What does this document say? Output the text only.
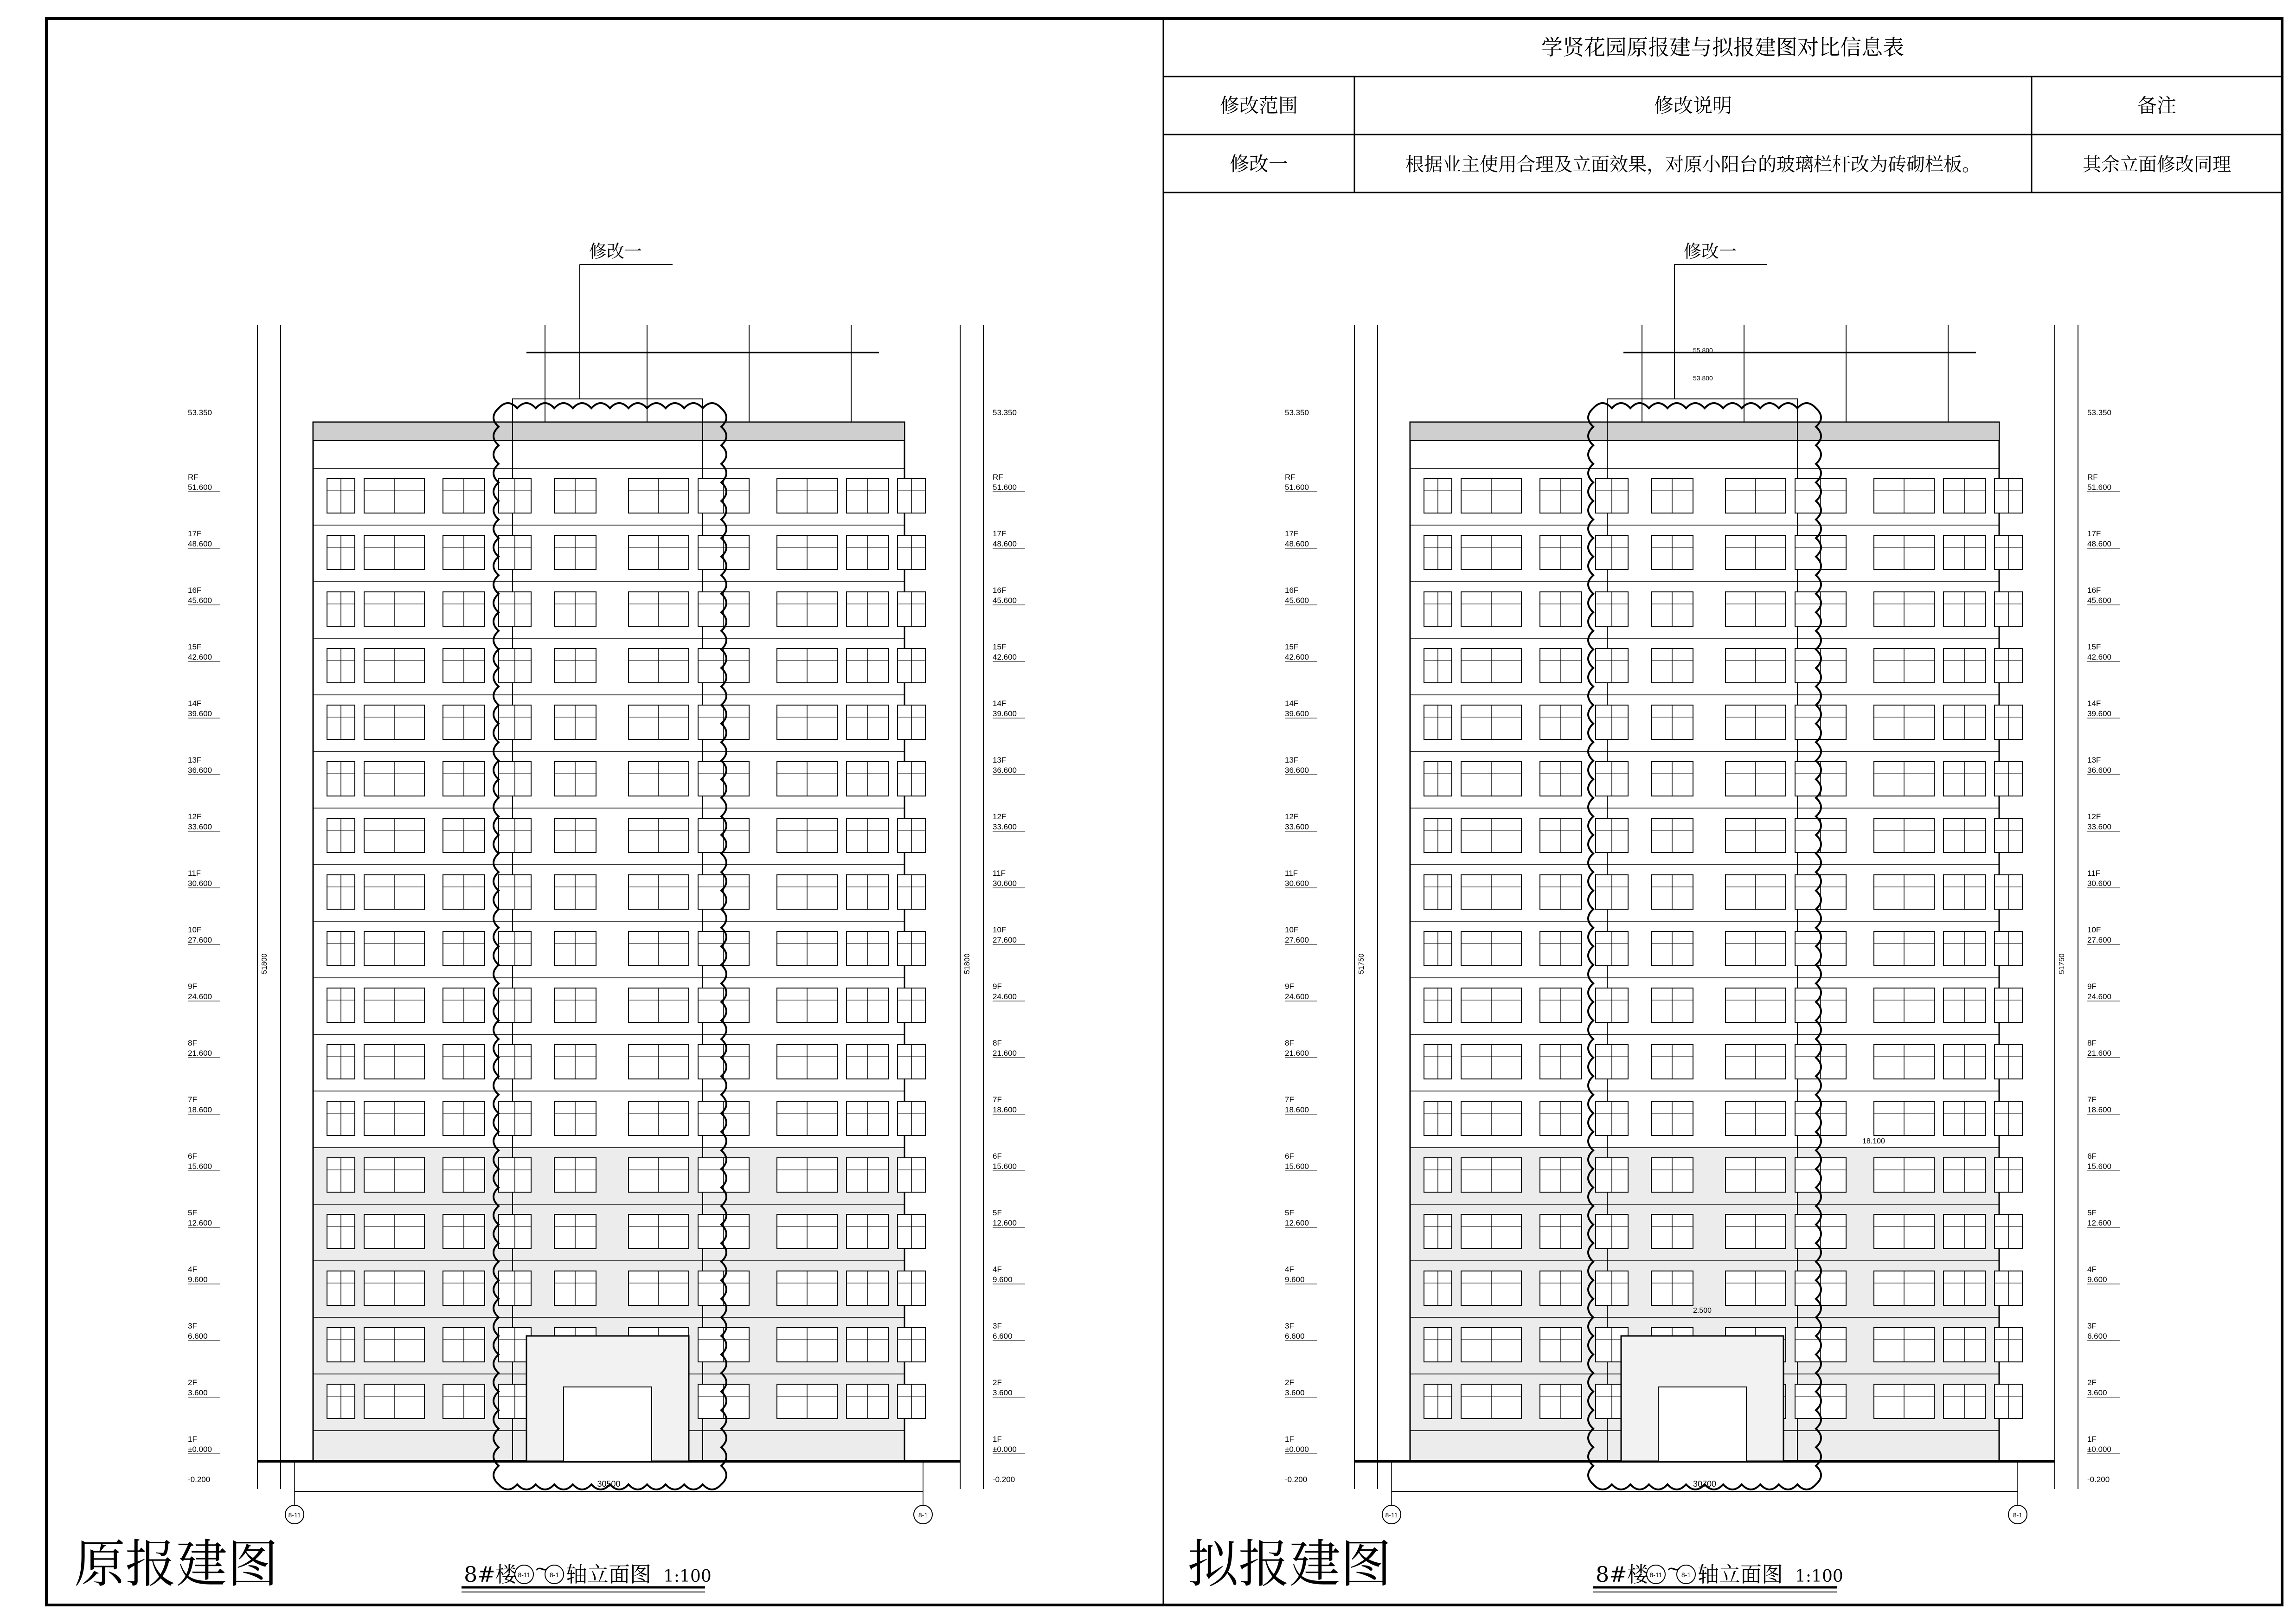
学贤花园原报建与拟报建图对比信息表
修改范围	修改说明	备注
修改一	根据业主使用合理及立面效果，对原小阳台的玻璃栏杆改为砖砌栏板。	其余立面修改同理
修改一
1F
±0.000
2F
3.600
3F
6.600
4F
9.600
5F
12.600
6F
15.600
7F
18.600
8F
21.600
9F
24.600
10F
27.600
11F
30.600
12F
33.600
13F
36.600
14F
39.600
15F
42.600
16F
45.600
17F
48.600
RF
51.600
53.350
-0.200
51800
1F
±0.000
2F
3.600
3F
6.600
4F
9.600
5F
12.600
6F
15.600
7F
18.600
8F
21.600
9F
24.600
10F
27.600
11F
30.600
12F
33.600
13F
36.600
14F
39.600
15F
42.600
16F
45.600
17F
48.600
RF
51.600
53.350
-0.200
51800
30500
8-11	8-1
修改一
1F
±0.000
2F
3.600
3F
6.600
4F
9.600
5F
12.600
6F
15.600
7F
18.600
8F
21.600
9F
24.600
10F
27.600
11F
30.600
12F
33.600
13F
36.600
14F
39.600
15F
42.600
16F
45.600
17F
48.600
RF
51.600
53.350
-0.200
51750
1F
±0.000
2F
3.600
3F
6.600
4F
9.600
5F
12.600
6F
15.600
7F
18.600
8F
21.600
9F
24.600
10F
27.600
11F
30.600
12F
33.600
13F
36.600
14F
39.600
15F
42.600
16F
45.600
17F
48.600
RF
51.600
53.350
-0.200
51750
30700
8-11	8-1
18.100
2.500
55.800
53.800
原报建图	拟报建图
8#楼 8-11 ~ 8-1 轴立面图 1:100	8#楼 8-11 ~ 8-1 轴立面图 1:100
